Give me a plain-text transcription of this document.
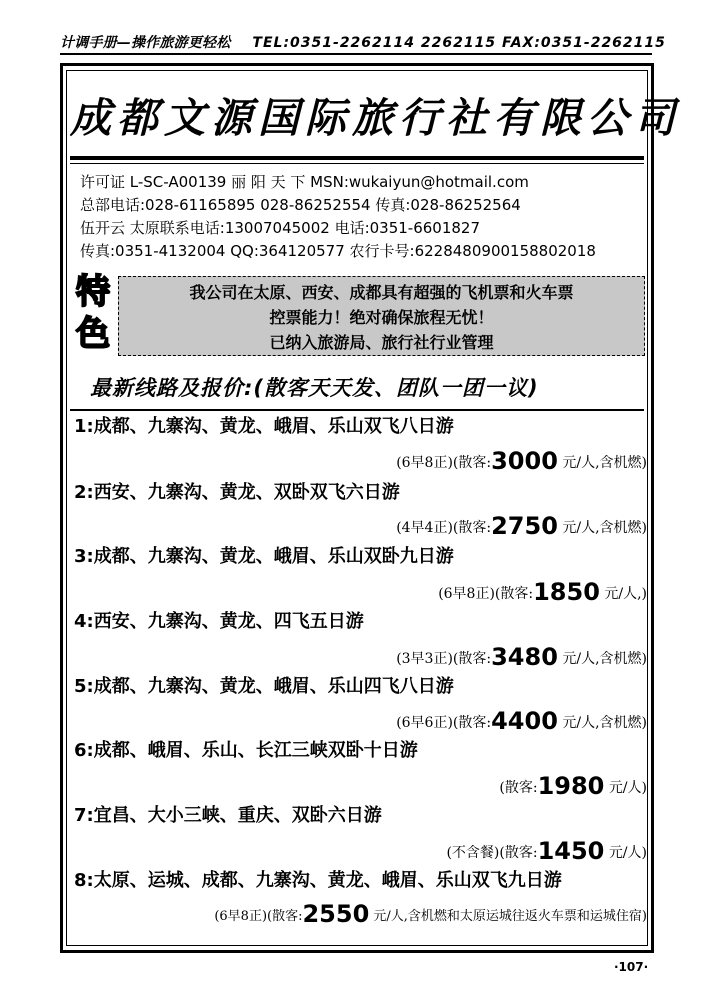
计调手册—操作旅游更轻松 TEL:0351-2262114 2262115 FAX:0351-2262115
成都文源国际旅行社有限公司
许可证 L-SC-A00139 丽 阳 天 下 MSN:wukaiyun@hotmail.com
总部电话:028-61165895 028-86252554 传真:028-86252564
伍开云 太原联系电话:13007045002 电话:0351-6601827
传真:0351-4132004 QQ:364120577 农行卡号:6228480900158802018
特
色
我公司在太原、西安、成都具有超强的飞机票和火车票
控票能力！绝对确保旅程无忧！
已纳入旅游局、旅行社行业管理
最新线路及报价:(散客天天发、团队一团一议)
1:成都、九寨沟、黄龙、峨眉、乐山双飞八日游
(6早8正)(散客:3000 元/人,含机燃)
2:西安、九寨沟、黄龙、双卧双飞六日游
(4早4正)(散客:2750 元/人,含机燃)
3:成都、九寨沟、黄龙、峨眉、乐山双卧九日游
(6早8正)(散客:1850 元/人,)
4:西安、九寨沟、黄龙、四飞五日游
(3早3正)(散客:3480 元/人,含机燃)
5:成都、九寨沟、黄龙、峨眉、乐山四飞八日游
(6早6正)(散客:4400 元/人,含机燃)
6:成都、峨眉、乐山、长江三峡双卧十日游
(散客:1980 元/人)
7:宜昌、大小三峡、重庆、双卧六日游
(不含餐)(散客:1450 元/人)
8:太原、运城、成都、九寨沟、黄龙、峨眉、乐山双飞九日游
(6早8正)(散客:2550 元/人,含机燃和太原运城往返火车票和运城住宿)
·107·
